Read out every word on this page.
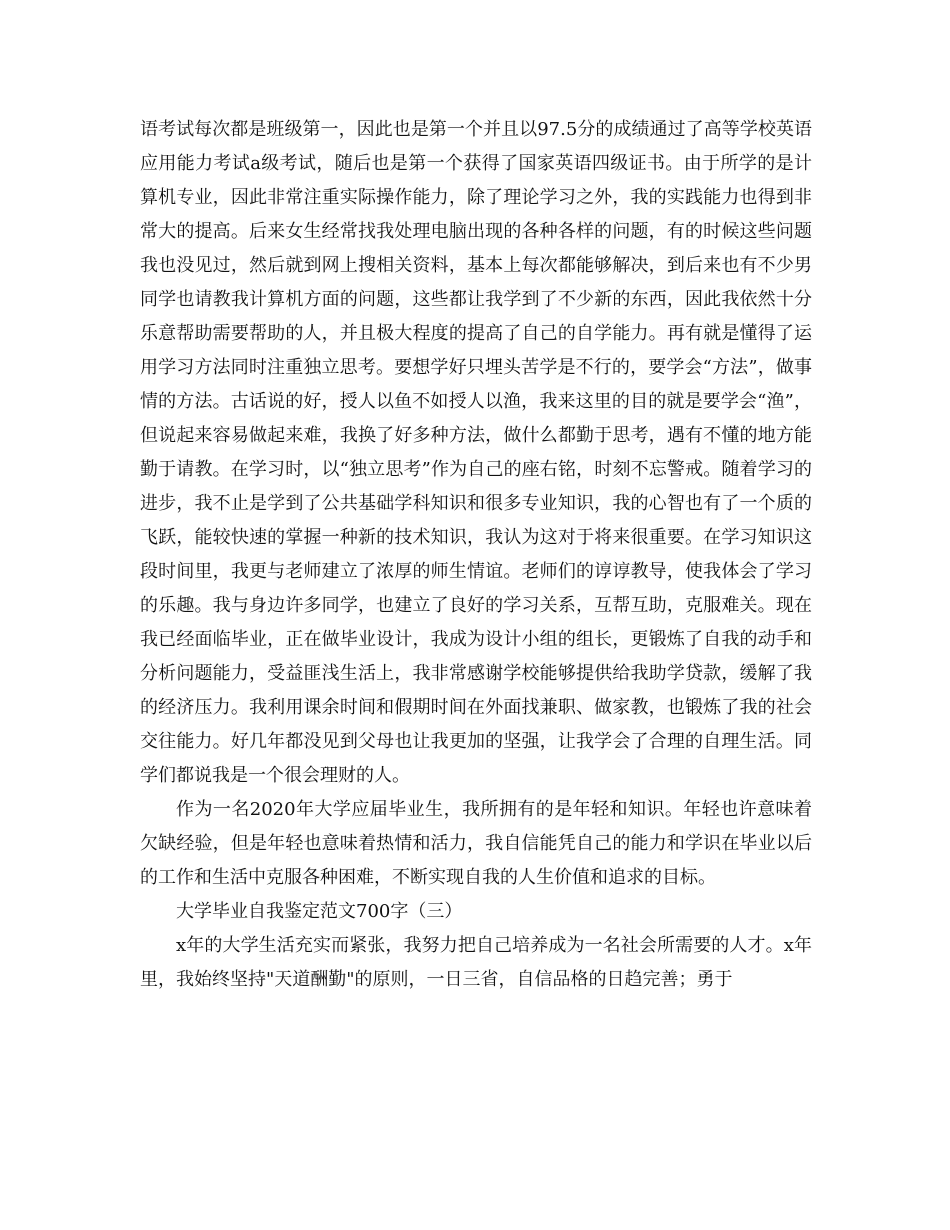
语考试每次都是班级第一，因此也是第一个并且以97.5分的成绩通过了高等学校英语应用能力考试a级考试，随后也是第一个获得了国家英语四级证书。由于所学的是计算机专业，因此非常注重实际操作能力，除了理论学习之外，我的实践能力也得到非常大的提高。后来女生经常找我处理电脑出现的各种各样的问题，有的时候这些问题我也没见过，然后就到网上搜相关资料，基本上每次都能够解决，到后来也有不少男同学也请教我计算机方面的问题，这些都让我学到了不少新的东西，因此我依然十分乐意帮助需要帮助的人，并且极大程度的提高了自己的自学能力。再有就是懂得了运用学习方法同时注重独立思考。要想学好只埋头苦学是不行的，要学会“方法”，做事情的方法。古话说的好，授人以鱼不如授人以渔，我来这里的目的就是要学会“渔”，但说起来容易做起来难，我换了好多种方法，做什么都勤于思考，遇有不懂的地方能勤于请教。在学习时，以“独立思考”作为自己的座右铭，时刻不忘警戒。随着学习的进步，我不止是学到了公共基础学科知识和很多专业知识，我的心智也有了一个质的飞跃，能较快速的掌握一种新的技术知识，我认为这对于将来很重要。在学习知识这段时间里，我更与老师建立了浓厚的师生情谊。老师们的谆谆教导，使我体会了学习的乐趣。我与身边许多同学，也建立了良好的学习关系，互帮互助，克服难关。现在我已经面临毕业，正在做毕业设计，我成为设计小组的组长，更锻炼了自我的动手和分析问题能力，受益匪浅生活上，我非常感谢学校能够提供给我助学贷款，缓解了我的经济压力。我利用课余时间和假期时间在外面找兼职、做家教，也锻炼了我的社会交往能力。好几年都没见到父母也让我更加的坚强，让我学会了合理的自理生活。同学们都说我是一个很会理财的人。

作为一名2020年大学应届毕业生，我所拥有的是年轻和知识。年轻也许意味着欠缺经验，但是年轻也意味着热情和活力，我自信能凭自己的能力和学识在毕业以后的工作和生活中克服各种困难，不断实现自我的人生价值和追求的目标。

大学毕业自我鉴定范文700字（三）

x年的大学生活充实而紧张，我努力把自己培养成为一名社会所需要的人才。x年里，我始终坚持"天道酬勤"的原则，一日三省，自信品格的日趋完善；勇于
